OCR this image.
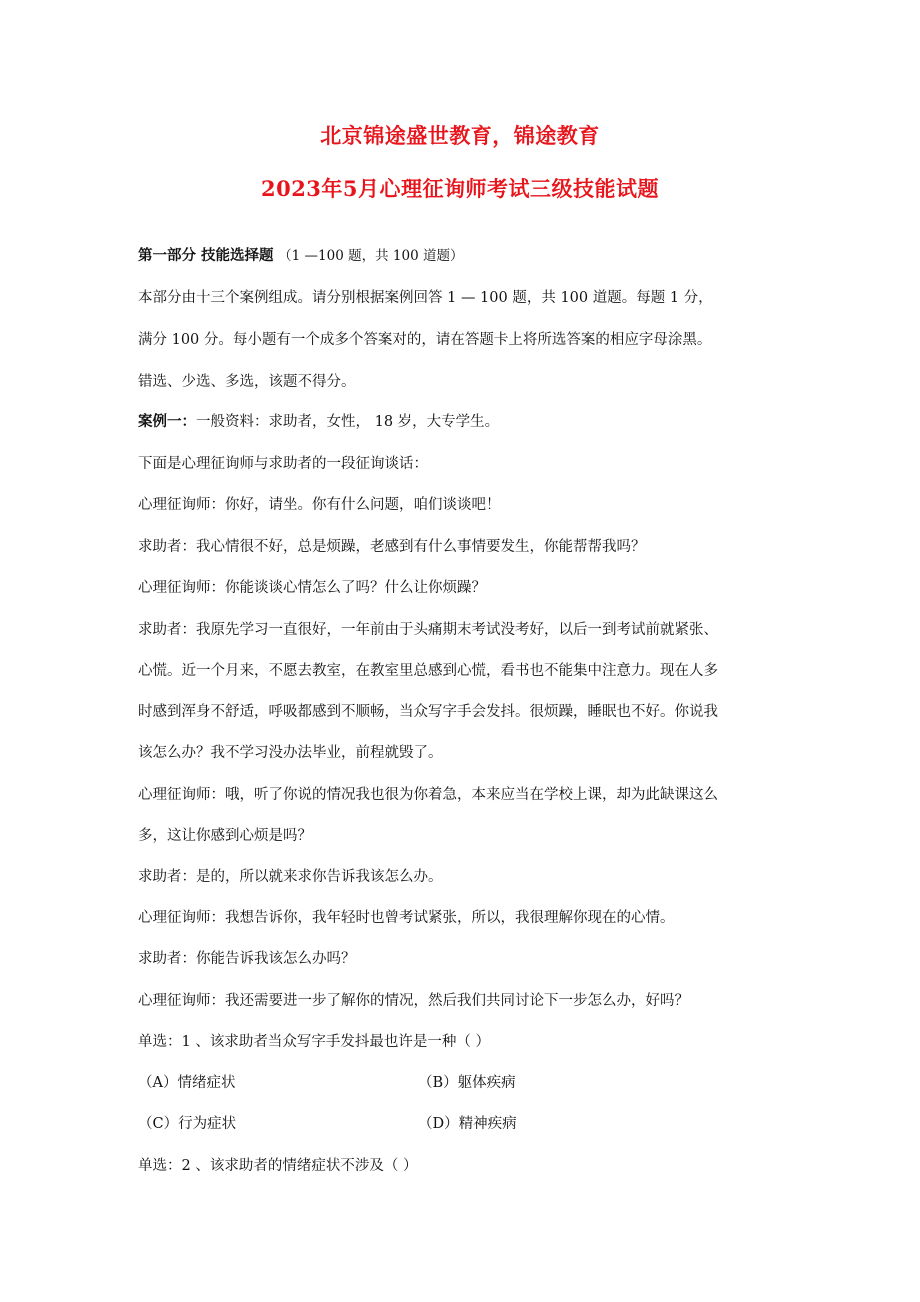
北京锦途盛世教育，锦途教育
2023年5月心理征询师考试三级技能试题
第一部分 技能选择题 （1 —100 题，共 100 道题）
本部分由十三个案例组成。请分别根据案例回答 1 — 100 题，共 100 道题。每题 1 分，
满分 100 分。每小题有一个成多个答案对的，请在答题卡上将所选答案的相应字母涂黑。
错选、少选、多选，该题不得分。
案例一：一般资料：求助者，女性， 18 岁，大专学生。
下面是心理征询师与求助者的一段征询谈话：
心理征询师：你好，请坐。你有什么问题，咱们谈谈吧！
求助者：我心情很不好，总是烦躁，老感到有什么事情要发生，你能帮帮我吗？
心理征询师：你能谈谈心情怎么了吗？什么让你烦躁？
求助者：我原先学习一直很好，一年前由于头痛期末考试没考好，以后一到考试前就紧张、
心慌。近一个月来，不愿去教室，在教室里总感到心慌，看书也不能集中注意力。现在人多
时感到浑身不舒适，呼吸都感到不顺畅，当众写字手会发抖。很烦躁，睡眠也不好。你说我
该怎么办？我不学习没办法毕业，前程就毁了。
心理征询师：哦，听了你说的情况我也很为你着急，本来应当在学校上课，却为此缺课这么
多，这让你感到心烦是吗？
求助者：是的，所以就来求你告诉我该怎么办。
心理征询师：我想告诉你，我年轻时也曾考试紧张，所以，我很理解你现在的心情。
求助者：你能告诉我该怎么办吗？
心理征询师：我还需要进一步了解你的情况，然后我们共同讨论下一步怎么办，好吗？
单选：1 、该求助者当众写字手发抖最也许是一种（ ）
（A）情绪症状	（B）躯体疾病
（C）行为症状	（D）精神疾病
单选：2 、该求助者的情绪症状不涉及（ ）
